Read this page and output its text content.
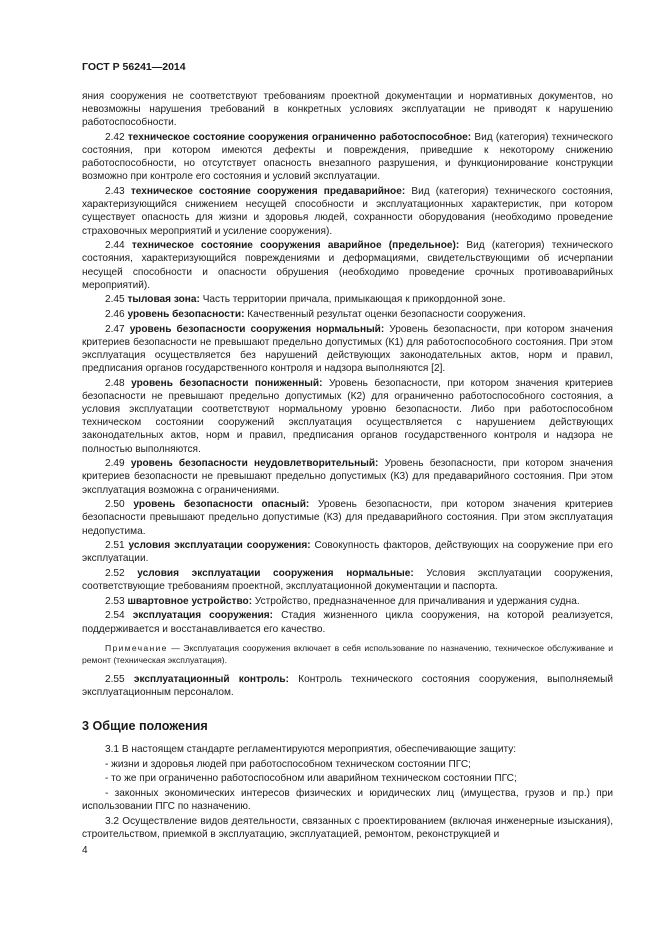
ГОСТ Р 56241—2014

яния сооружения не соответствуют требованиям проектной документации и нормативных документов, но невозможны нарушения требований в конкретных условиях эксплуатации не приводят к нарушению работоспособности.

2.42 техническое состояние сооружения ограниченно работоспособное: Вид (категория) технического состояния, при котором имеются дефекты и повреждения, приведшие к некоторому снижению работоспособности, но отсутствует опасность внезапного разрушения, и функционирование конструкции возможно при контроле его состояния и условий эксплуатации.

2.43 техническое состояние сооружения предаварийное: Вид (категория) технического состояния, характеризующийся снижением несущей способности и эксплуатационных характеристик, при котором существует опасность для жизни и здоровья людей, сохранности оборудования (необходимо проведение страховочных мероприятий и усиление сооружения).

2.44 техническое состояние сооружения аварийное (предельное): Вид (категория) технического состояния, характеризующийся повреждениями и деформациями, свидетельствующими об исчерпании несущей способности и опасности обрушения (необходимо проведение срочных противоаварийных мероприятий).

2.45 тыловая зона: Часть территории причала, примыкающая к прикордонной зоне.

2.46 уровень безопасности: Качественный результат оценки безопасности сооружения.

2.47 уровень безопасности сооружения нормальный: Уровень безопасности, при котором значения критериев безопасности не превышают предельно допустимых (К1) для работоспособного состояния. При этом эксплуатация осуществляется без нарушений действующих законодательных актов, норм и правил, предписания органов государственного контроля и надзора выполняются [2].

2.48 уровень безопасности пониженный: Уровень безопасности, при котором значения критериев безопасности не превышают предельно допустимых (К2) для ограниченно работоспособного состояния, а условия эксплуатации соответствуют нормальному уровню безопасности. Либо при работоспособном техническом состоянии сооружений эксплуатация осуществляется с нарушением действующих законодательных актов, норм и правил, предписания органов государственного контроля и надзора не полностью выполняются.

2.49 уровень безопасности неудовлетворительный: Уровень безопасности, при котором значения критериев безопасности не превышают предельно допустимых (К3) для предаварийного состояния. При этом эксплуатация возможна с ограничениями.

2.50 уровень безопасности опасный: Уровень безопасности, при котором значения критериев безопасности превышают предельно допустимые (К3) для предаварийного состояния. При этом эксплуатация недопустима.

2.51 условия эксплуатации сооружения: Совокупность факторов, действующих на сооружение при его эксплуатации.

2.52 условия эксплуатации сооружения нормальные: Условия эксплуатации сооружения, соответствующие требованиям проектной, эксплуатационной документации и паспорта.

2.53 швартовное устройство: Устройство, предназначенное для причаливания и удержания судна.

2.54 эксплуатация сооружения: Стадия жизненного цикла сооружения, на которой реализуется, поддерживается и восстанавливается его качество.

Примечание — Эксплуатация сооружения включает в себя использование по назначению, техническое обслуживание и ремонт (техническая эксплуатация).

2.55 эксплуатационный контроль: Контроль технического состояния сооружения, выполняемый эксплуатационным персоналом.

3 Общие положения

3.1 В настоящем стандарте регламентируются мероприятия, обеспечивающие защиту:

- жизни и здоровья людей при работоспособном техническом состоянии ПГС;

- то же при ограниченно работоспособном или аварийном техническом состоянии ПГС;

- законных экономических интересов физических и юридических лиц (имущества, грузов и пр.) при использовании ПГС по назначению.

3.2 Осуществление видов деятельности, связанных с проектированием (включая инженерные изыскания), строительством, приемкой в эксплуатацию, эксплуатацией, ремонтом, реконструкцией и

4
